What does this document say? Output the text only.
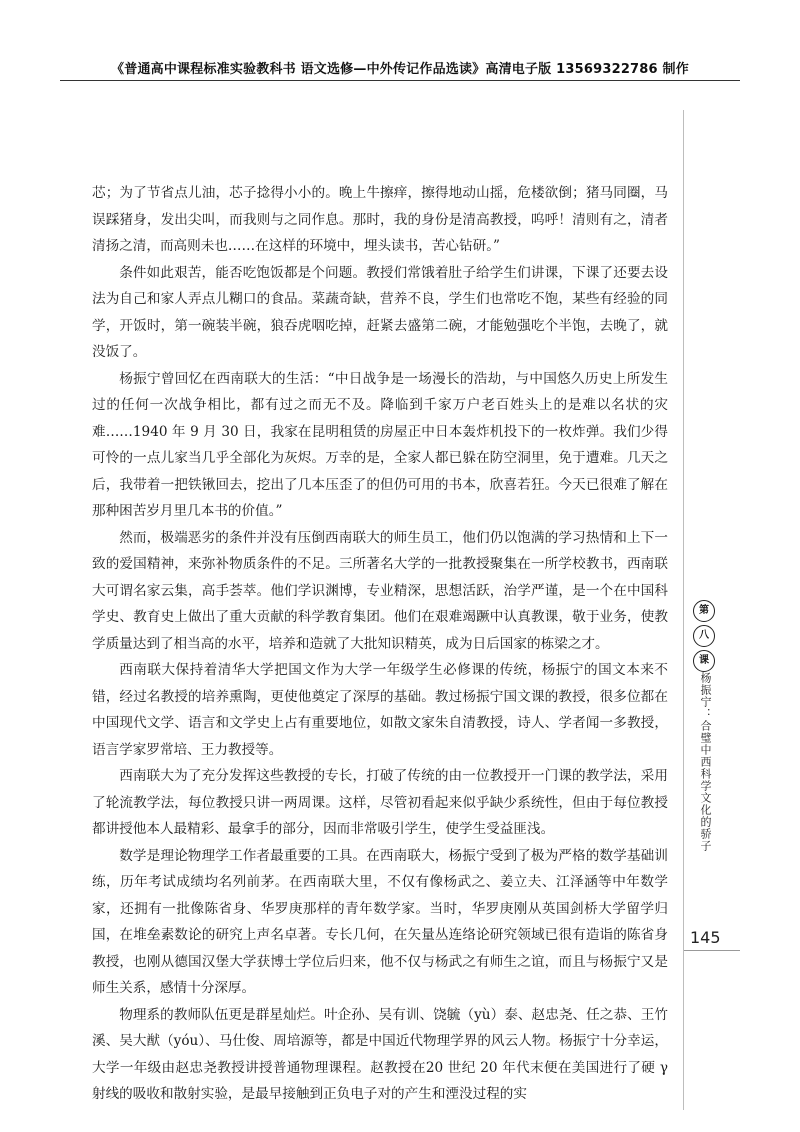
《普通高中课程标准实验教科书 语文选修—中外传记作品选读》高清电子版 13569322786 制作

芯；为了节省点儿油，芯子捻得小小的。晚上牛擦痒，擦得地动山摇，危楼欲倒；猪马同圈，马误踩猪身，发出尖叫，而我则与之同作息。那时，我的身份是清高教授，呜呼！清则有之，清者清扬之清，而高则未也……在这样的环境中，埋头读书，苦心钻研。”

条件如此艰苦，能否吃饱饭都是个问题。教授们常饿着肚子给学生们讲课，下课了还要去设法为自己和家人弄点儿糊口的食品。菜蔬奇缺，营养不良，学生们也常吃不饱，某些有经验的同学，开饭时，第一碗装半碗，狼吞虎咽吃掉，赶紧去盛第二碗，才能勉强吃个半饱，去晚了，就没饭了。

杨振宁曾回忆在西南联大的生活：“中日战争是一场漫长的浩劫，与中国悠久历史上所发生过的任何一次战争相比，都有过之而无不及。降临到千家万户老百姓头上的是难以名状的灾难……1940 年 9 月 30 日，我家在昆明租赁的房屋正中日本轰炸机投下的一枚炸弹。我们少得可怜的一点儿家当几乎全部化为灰烬。万幸的是，全家人都已躲在防空洞里，免于遭难。几天之后，我带着一把铁锹回去，挖出了几本压歪了的但仍可用的书本，欣喜若狂。今天已很难了解在那种困苦岁月里几本书的价值。”

然而，极端恶劣的条件并没有压倒西南联大的师生员工，他们仍以饱满的学习热情和上下一致的爱国精神，来弥补物质条件的不足。三所著名大学的一批教授聚集在一所学校教书，西南联大可谓名家云集，高手荟萃。他们学识渊博，专业精深，思想活跃，治学严谨，是一个在中国科学史、教育史上做出了重大贡献的科学教育集团。他们在艰难竭蹶中认真教课，敬于业务，使教学质量达到了相当高的水平，培养和造就了大批知识精英，成为日后国家的栋梁之才。

西南联大保持着清华大学把国文作为大学一年级学生必修课的传统，杨振宁的国文本来不错，经过名教授的培养熏陶，更使他奠定了深厚的基础。教过杨振宁国文课的教授，很多位都在中国现代文学、语言和文学史上占有重要地位，如散文家朱自清教授，诗人、学者闻一多教授，语言学家罗常培、王力教授等。

西南联大为了充分发挥这些教授的专长，打破了传统的由一位教授开一门课的教学法，采用了轮流教学法，每位教授只讲一两周课。这样，尽管初看起来似乎缺少系统性，但由于每位教授都讲授他本人最精彩、最拿手的部分，因而非常吸引学生，使学生受益匪浅。

数学是理论物理学工作者最重要的工具。在西南联大，杨振宁受到了极为严格的数学基础训练，历年考试成绩均名列前茅。在西南联大里，不仅有像杨武之、姜立夫、江泽涵等中年数学家，还拥有一批像陈省身、华罗庚那样的青年数学家。当时，华罗庚刚从英国剑桥大学留学归国，在堆垒素数论的研究上声名卓著。专长几何，在矢量丛连络论研究领域已很有造诣的陈省身教授，也刚从德国汉堡大学获博士学位后归来，他不仅与杨武之有师生之谊，而且与杨振宁又是师生关系，感情十分深厚。

物理系的教师队伍更是群星灿烂。叶企孙、吴有训、饶毓（yù）泰、赵忠尧、任之恭、王竹溪、吴大猷（yóu）、马仕俊、周培源等，都是中国近代物理学界的风云人物。杨振宁十分幸运，大学一年级由赵忠尧教授讲授普通物理课程。赵教授在20 世纪 20 年代末便在美国进行了硬 γ 射线的吸收和散射实验，是最早接触到正负电子对的产生和湮没过程的实

第
八
课
杨振宁：合璧中西科学文化的骄子
145
